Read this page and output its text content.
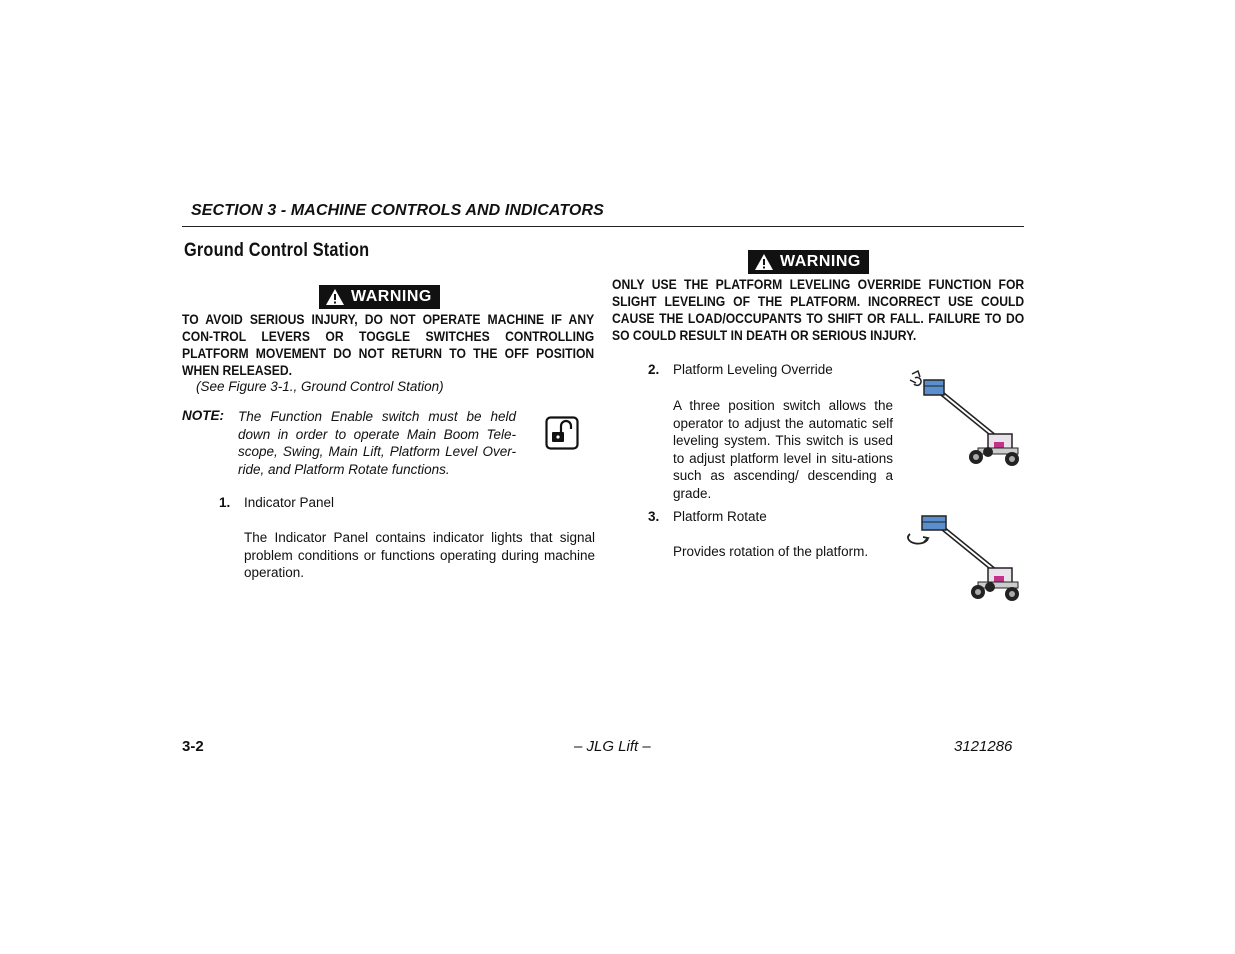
SECTION 3 - MACHINE CONTROLS AND INDICATORS
Ground Control Station
WARNING
TO AVOID SERIOUS INJURY, DO NOT OPERATE MACHINE IF ANY CON-TROL LEVERS OR TOGGLE SWITCHES CONTROLLING PLATFORM MOVEMENT DO NOT RETURN TO THE OFF POSITION WHEN RELEASED.
(See Figure 3-1., Ground Control Station)
NOTE: The Function Enable switch must be held down in order to operate Main Boom Tele-scope, Swing, Main Lift, Platform Level Over-ride, and Platform Rotate functions.
1. Indicator Panel
The Indicator Panel contains indicator lights that signal problem conditions or functions operating during machine operation.
WARNING
ONLY USE THE PLATFORM LEVELING OVERRIDE FUNCTION FOR SLIGHT LEVELING OF THE PLATFORM. INCORRECT USE COULD CAUSE THE LOAD/OCCUPANTS TO SHIFT OR FALL. FAILURE TO DO SO COULD RESULT IN DEATH OR SERIOUS INJURY.
2. Platform Leveling Override
A three position switch allows the operator to adjust the automatic self leveling system. This switch is used to adjust platform level in situ-ations such as ascending/ descending a grade.
3. Platform Rotate
Provides rotation of the platform.
3-2	– JLG Lift –	3121286
